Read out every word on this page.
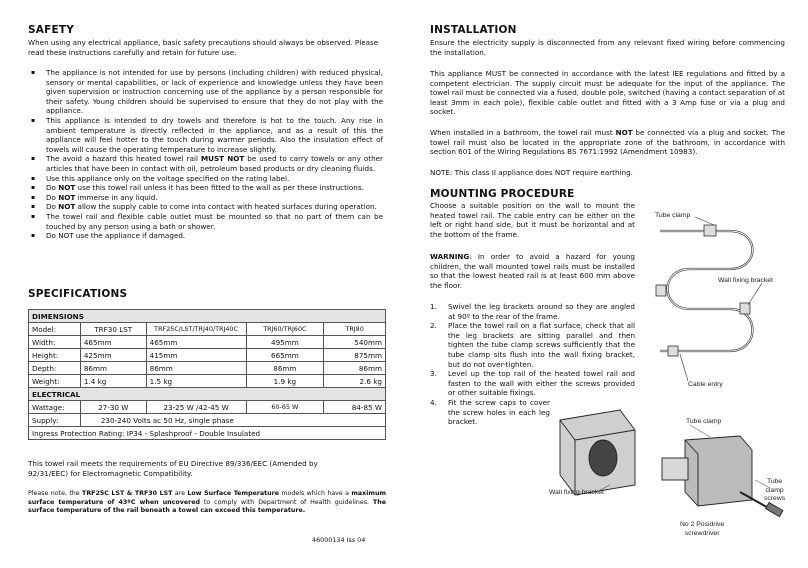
SAFETY

When using any electrical appliance, basic safety precautions should always be observed. Please read these instructions carefully and retain for future use.

▪ The appliance is not intended for use by persons (including children) with reduced physical, sensory or mental capabilities, or lack of experience and knowledge unless they have been given supervision or instruction concerning use of the appliance by a person responsible for their safety. Young children should be supervised to ensure that they do not play with the appliance.
▪ This appliance is intended to dry towels and therefore is hot to the touch. Any rise in ambient temperature is directly reflected in the appliance, and as a result of this the appliance will feel hotter to the touch during warmer periods. Also the insulation effect of towels will cause the operating temperature to increase slightly.
▪ The avoid a hazard this heated towel rail MUST NOT be used to carry towels or any other articles that have been in contact with oil, petroleum based products or dry cleaning fluids.
▪ Use this appliance only on the voltage specified on the rating label.
▪ Do NOT use this towel rail unless it has been fitted to the wall as per these instructions.
▪ Do NOT immerse in any liquid.
▪ Do NOT allow the supply cable to come into contact with heated surfaces during operation.
▪ The towel rail and flexible cable outlet must be mounted so that no part of them can be touched by any person using a bath or shower.
▪ Do NOT use the appliance if damaged.
SPECIFICATIONS
DIMENSIONS				
Model:	TRF30 LST	TRF25C/LST/TRJ40/TRJ40C	TRJ60/TRJ60C	TRJ80
Width:	465mm	465mm	495mm	540mm
Height:	425mm	415mm	665mm	875mm
Depth:	86mm	86mm	86mm	86mm
Weight:	1.4 kg	1.5 kg	1.9 kg	2.6 kg
ELECTRICAL				
Wattage:	27-30 W	23-25 W /42-45 W	60-65 W	84-85 W
Supply:	230-240 Volts ac 50 Hz, single phase			
Ingress Protection Rating: IP34 - Splashproof - Double Insulated				

This towel rail meets the requirements of EU Directive 89/336/EEC (Amended by 92/31/EEC) for Electromagnetic Compatibility.

Please note, the TRF25C LST & TRF30 LST are Low Surface Temperature models which have a maximum surface temperature of 43ºC when uncovered to comply with Department of Health guidelines. The surface temperature of the rail beneath a towel can exceed this temperature.

46000134 Iss 04
INSTALLATION

Ensure the electricity supply is disconnected from any relevant fixed wiring before commencing the installation.

This appliance MUST be connected in accordance with the latest IEE regulations and fitted by a competent electrician. The supply circuit must be adequate for the input of the appliance. The towel rail must be connected via a fused, double pole, switched (having a contact separation of at least 3mm in each pole), flexible cable outlet and fitted with a 3 Amp fuse or via a plug and socket.

When installed in a bathroom, the towel rail must NOT be connected via a plug and socket. The towel rail must also be located in the appropriate zone of the bathroom, in accordance with section 601 of the Wiring Regulations BS 7671:1992 (Amendment 10983).

NOTE: This class II appliance does NOT require earthing.

MOUNTING PROCEDURE

Choose a suitable position on the wall to mount the heated towel rail. The cable entry can be either on the left or right hand side, but it must be horizontal and at the bottom of the frame.

WARNING: In order to avoid a hazard for young children, the wall mounted towel rails must be installed so that the lowest heated rail is at least 600 mm above the floor.

1. Swivel the leg brackets around so they are angled at 90º to the rear of the frame.
2. Place the towel rail on a flat surface, check that all the leg brackets are sitting parallel and then tighten the tube clamp screws sufficiently that the tube clamp sits flush into the wall fixing bracket, but do not over-tighten.
3. Level up the top rail of the heated towel rail and fasten to the wall with either the screws provided or other suitable fixings.
4. Fit the screw caps to cover the screw holes in each leg bracket.
Tube clamp
Wall fixing bracket
Cable entry
Tube clamp
Wall fixing bracket
Tube
clamp
screws
No 2 Posidrive
screwdriver
